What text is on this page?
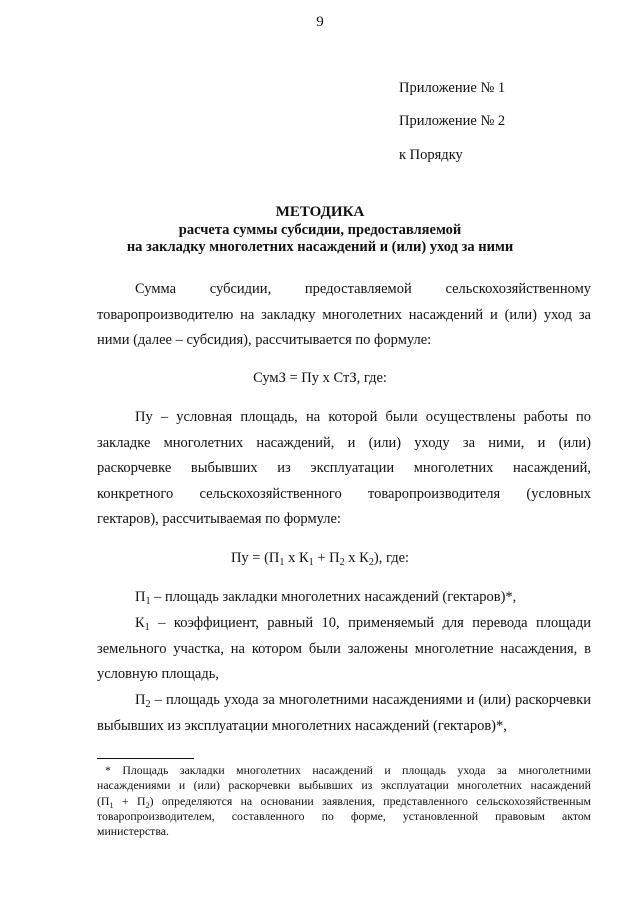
9
Приложение № 1
Приложение № 2
к Порядку
МЕТОДИКА
расчета суммы субсидии, предоставляемой
на закладку многолетних насаждений и (или) уход за ними
Сумма субсидии, предоставляемой сельскохозяйственному
товаропроизводителю на закладку многолетних насаждений и (или) уход за
ними (далее – субсидия), рассчитывается по формуле:
СумЗ = Пу x СтЗ, где:
Пу – условная площадь, на которой были осуществлены работы по
закладке многолетних насаждений, и (или) уходу за ними, и (или)
раскорчевке выбывших из эксплуатации многолетних насаждений,
конкретного сельскохозяйственного товаропроизводителя (условных
гектаров), рассчитываемая по формуле:
Пу = ($П_1$ x $К_1 + П_2$ x $К_2$), где:
$П_1$ – площадь закладки многолетних насаждений (гектаров)*,
$К_1$ – коэффициент, равный 10, применяемый для перевода площади
земельного участка, на котором были заложены многолетние насаждения, в
условную площадь,
$П_2$ – площадь ухода за многолетними насаждениями и (или) раскорчевки
выбывших из эксплуатации многолетних насаждений (гектаров)*,
* Площадь закладки многолетних насаждений и площадь ухода за многолетними
насаждениями и (или) раскорчевки выбывших из эксплуатации многолетних насаждений
$(П_1 + П_2)$ определяются на основании заявления, представленного сельскохозяйственным
товаропроизводителем, составленного по форме, установленной правовым актом
министерства.
